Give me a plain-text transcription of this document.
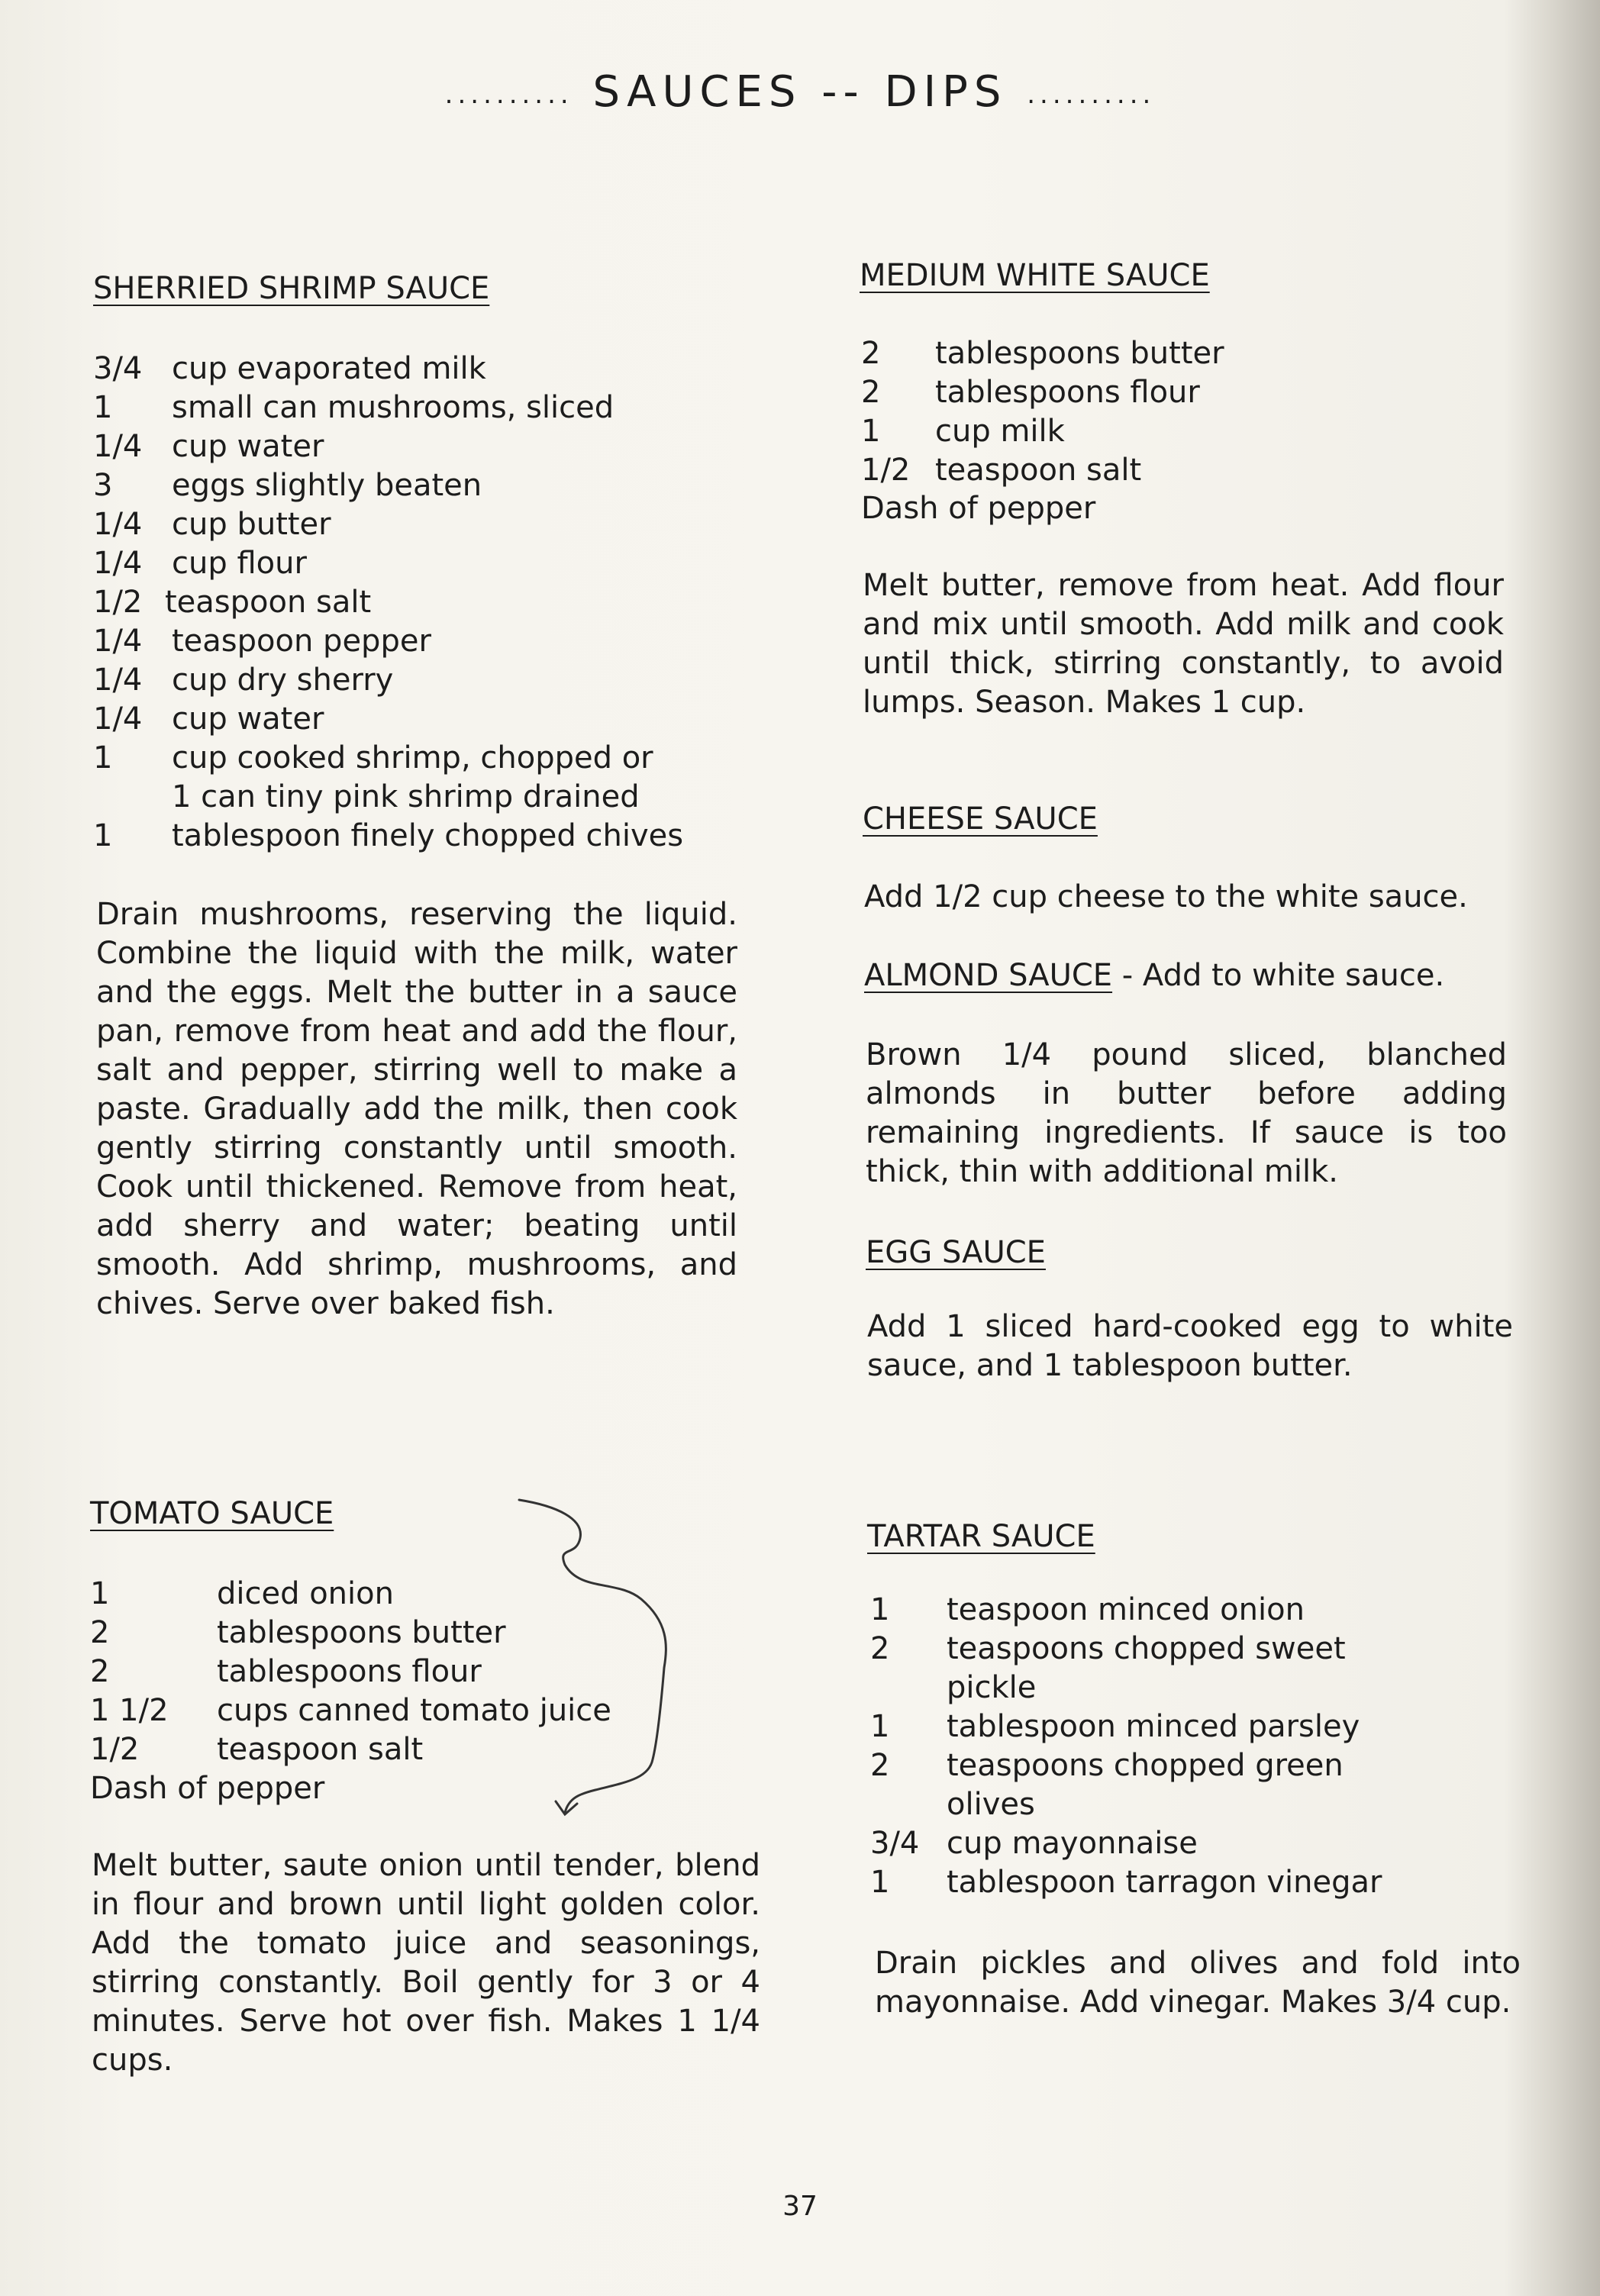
.......... SAUCES -- DIPS ..........
SHERRIED SHRIMP SAUCE
3/4 cup evaporated milk
1	small can mushrooms, sliced
1/4 cup water
3	eggs slightly beaten
1/4 cup butter
1/4 cup flour
1/2 teaspoon salt
1/4 teaspoon pepper
1/4 cup dry sherry
1/4 cup water
1	cup cooked shrimp, chopped or
1 can tiny pink shrimp drained
1	tablespoon finely chopped chives

Drain mushrooms, reserving the liquid. Combine the liquid with the milk, water and the eggs. Melt the butter in a sauce pan, remove from heat and add the flour, salt and pepper, stirring well to make a paste. Gradually add the milk, then cook gently stirring constantly until smooth. Cook until thickened. Remove from heat, add sherry and water; beating until smooth. Add shrimp, mushrooms, and chives. Serve over baked fish.

TOMATO SAUCE
1	diced onion
2	tablespoons butter
2	tablespoons flour
1 1/2	cups canned tomato juice
1/2	teaspoon salt
Dash of pepper

Melt butter, saute onion until tender, blend in flour and brown until light golden color. Add the tomato juice and seasonings, stirring constantly. Boil gently for 3 or 4 minutes. Serve hot over fish. Makes 1 1/4 cups.

MEDIUM WHITE SAUCE
2	tablespoons butter
2	tablespoons flour
1	cup milk
1/2 teaspoon salt
Dash of pepper

Melt butter, remove from heat. Add flour and mix until smooth. Add milk and cook until thick, stirring constantly, to avoid lumps. Season. Makes 1 cup.

CHEESE SAUCE
Add 1/2 cup cheese to the white sauce.
ALMOND SAUCE - Add to white sauce.

Brown 1/4 pound sliced, blanched almonds in butter before adding remaining ingredients. If sauce is too thick, thin with additional milk.

EGG SAUCE

Add 1 sliced hard-cooked egg to white sauce, and 1 tablespoon butter.

TARTAR SAUCE
1	teaspoon minced onion
2	teaspoons chopped sweet
pickle
1	tablespoon minced parsley
2	teaspoons chopped green
olives
3/4 cup mayonnaise
1	tablespoon tarragon vinegar

Drain pickles and olives and fold into mayonnaise. Add vinegar. Makes 3/4 cup.

37
